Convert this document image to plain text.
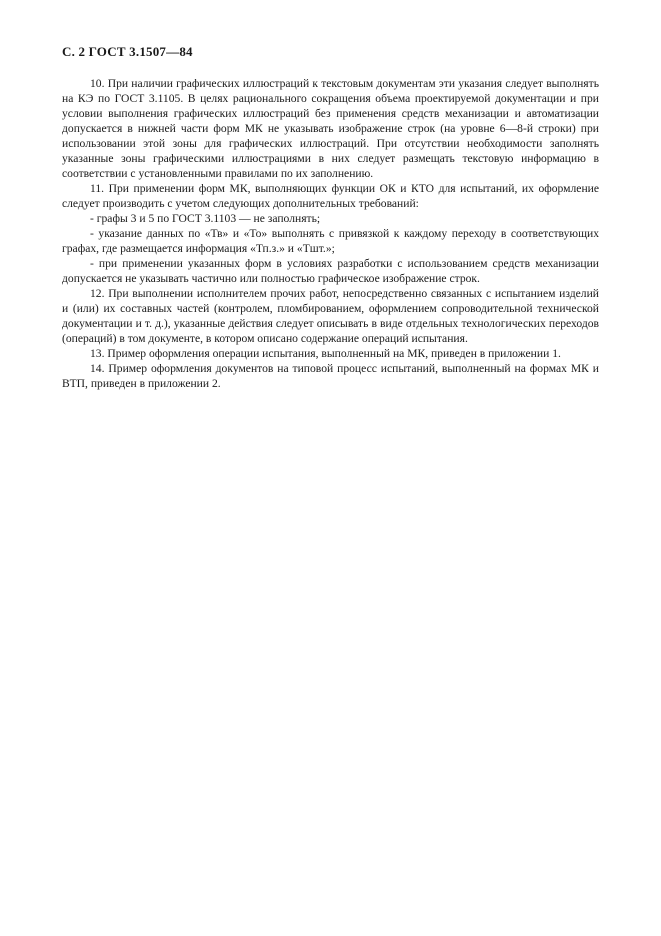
С. 2 ГОСТ 3.1507—84

10. При наличии графических иллюстраций к текстовым документам эти указания следует выполнять на КЭ по ГОСТ 3.1105. В целях рационального сокращения объема проектируемой документации и при условии выполнения графических иллюстраций без применения средств механизации и автоматизации допускается в нижней части форм МК не указывать изображение строк (на уровне 6—8-й строки) при использовании этой зоны для графических иллюстраций. При отсутствии необходимости заполнять указанные зоны графическими иллюстрациями в них следует размещать текстовую информацию в соответствии с установленными правилами по их заполнению.

11. При применении форм МК, выполняющих функции ОК и КТО для испытаний, их оформление следует производить с учетом следующих дополнительных требований:

- графы 3 и 5 по ГОСТ 3.1103 — не заполнять;

- указание данных по «Тв» и «То» выполнять с привязкой к каждому переходу в соответствующих графах, где размещается информация «Тп.з.» и «Тшт.»;

- при применении указанных форм в условиях разработки с использованием средств механизации допускается не указывать частично или полностью графическое изображение строк.

12. При выполнении исполнителем прочих работ, непосредственно связанных с испытанием изделий и (или) их составных частей (контролем, пломбированием, оформлением сопроводительной технической документации и т. д.), указанные действия следует описывать в виде отдельных технологических переходов (операций) в том документе, в котором описано содержание операций испытания.

13. Пример оформления операции испытания, выполненный на МК, приведен в приложении 1.

14. Пример оформления документов на типовой процесс испытаний, выполненный на формах МК и ВТП, приведен в приложении 2.
